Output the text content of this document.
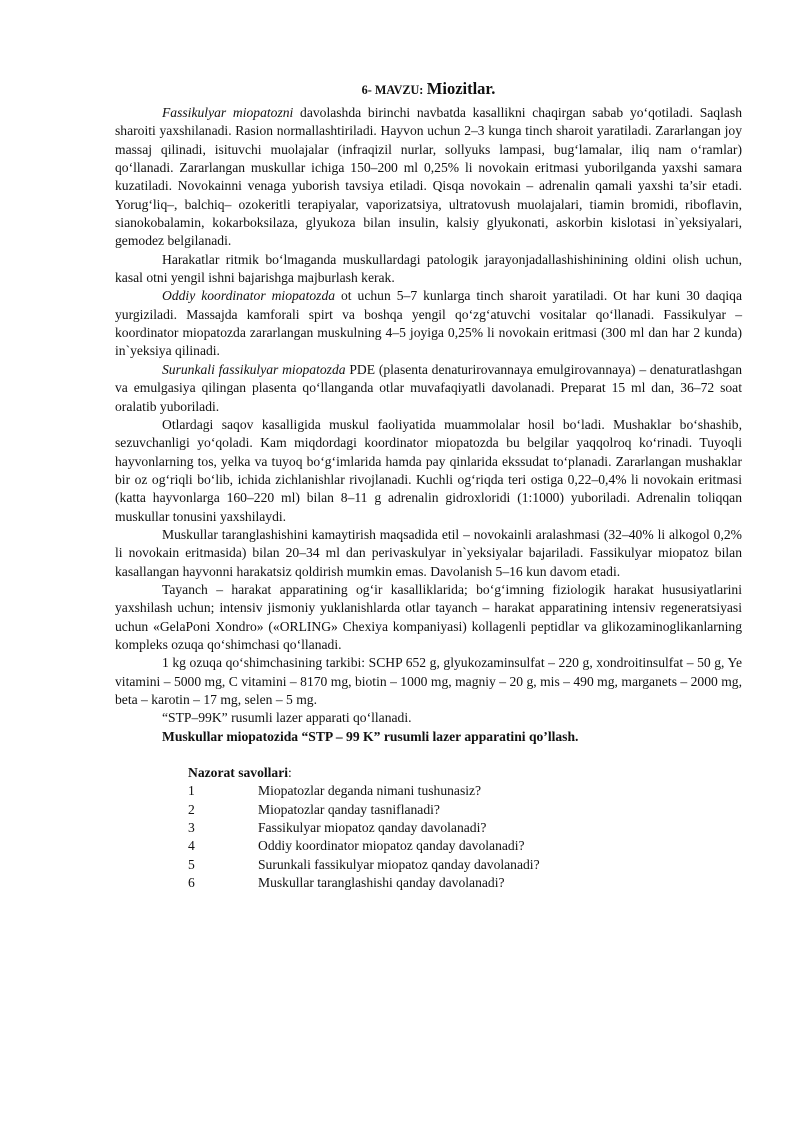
6- MAVZU: Miozitlar.

Fassikulyar miopatozni davolashda birinchi navbatda kasallikni chaqirgan sabab yo‘qotiladi. Saqlash sharoiti yaxshilanadi. Rasion normallashtiriladi. Hayvon uchun 2–3 kunga tinch sharoit yaratiladi. Zararlangan joy massaj qilinadi, isituvchi muolajalar (infraqizil nurlar, sollyuks lampasi, bug‘lamalar, iliq nam o‘ramlar) qo‘llanadi. Zararlangan muskullar ichiga 150–200 ml 0,25% li novokain eritmasi yuborilganda yaxshi samara kuzatiladi. Novokainni venaga yuborish tavsiya etiladi. Qisqa novokain – adrenalin qamali yaxshi ta’sir etadi. Yorug‘liq–, balchiq– ozokeritli terapiyalar, vaporizatsiya, ultratovush muolajalari, tiamin bromidi, riboflavin, sianokobalamin, kokarboksilaza, glyukoza bilan insulin, kalsiy glyukonati, askorbin kislotasi in`yeksiyalari, gemodez belgilanadi.

Harakatlar ritmik bo‘lmaganda muskullardagi patologik jarayonjadallashishinining oldini olish uchun, kasal otni yengil ishni bajarishga majburlash kerak.

Oddiy koordinator miopatozda ot uchun 5–7 kunlarga tinch sharoit yaratiladi. Ot har kuni 30 daqiqa yurgiziladi. Massajda kamforali spirt va boshqa yengil qo‘zg‘atuvchi vositalar qo‘llanadi. Fassikulyar – koordinator miopatozda zararlangan muskulning 4–5 joyiga 0,25% li novokain eritmasi (300 ml dan har 2 kunda) in`yeksiya qilinadi.

Surunkali fassikulyar miopatozda PDE (plasenta denaturirovannaya emulgirovannaya) – denaturatlashgan va emulgasiya qilingan plasenta qo‘llanganda otlar muvafaqiyatli davolanadi. Preparat 15 ml dan, 36–72 soat oralatib yuboriladi.

Otlardagi saqov kasalligida muskul faoliyatida muammolalar hosil bo‘ladi. Mushaklar bo‘shashib, sezuvchanligi yo‘qoladi. Kam miqdordagi koordinator miopatozda bu belgilar yaqqolroq ko‘rinadi. Tuyoqli hayvonlarning tos, yelka va tuyoq bo‘g‘imlarida hamda pay qinlarida ekssudat to‘planadi. Zararlangan mushaklar bir oz og‘riqli bo‘lib, ichida zichlanishlar rivojlanadi. Kuchli og‘riqda teri ostiga 0,22–0,4% li novokain eritmasi (katta hayvonlarga 160–220 ml) bilan 8–11 g adrenalin gidroxloridi (1:1000) yuboriladi. Adrenalin toliqqan muskullar tonusini yaxshilaydi.

Muskullar taranglashishini kamaytirish maqsadida etil – novokainli aralashmasi (32–40% li alkogol 0,2% li novokain eritmasida) bilan 20–34 ml dan perivaskulyar in`yeksiyalar bajariladi. Fassikulyar miopatoz bilan kasallangan hayvonni harakatsiz qoldirish mumkin emas. Davolanish 5–16 kun davom etadi.

Tayanch – harakat apparatining og‘ir kasalliklarida; bo‘g‘imning fiziologik harakat hususiyatlarini yaxshilash uchun; intensiv jismoniy yuklanishlarda otlar tayanch – harakat apparatining intensiv regeneratsiyasi uchun «GelaPoni Xondro» («ORLING» Chexiya kompaniyasi) kollagenli peptidlar va glikozaminoglikanlarning kompleks ozuqa qo‘shimchasi qo‘llanadi.

1 kg ozuqa qo‘shimchasining tarkibi: SCHP 652 g, glyukozaminsulfat – 220 g, xondroitinsulfat – 50 g, Ye vitamini – 5000 mg, C vitamini – 8170 mg, biotin – 1000 mg, magniy – 20 g, mis – 490 mg, marganets – 2000 mg, beta – karotin – 17 mg, selen – 5 mg.

“STP–99K” rusumli lazer apparati qo‘llanadi.

Muskullar miopatozida “STP – 99 K” rusumli lazer apparatini qo’llash.

Nazorat savollari:
1	Miopatozlar deganda nimani tushunasiz?
2	Miopatozlar qanday tasniflanadi?
3	Fassikulyar miopatoz qanday davolanadi?
4	Oddiy koordinator miopatoz qanday davolanadi?
5	Surunkali fassikulyar miopatoz qanday davolanadi?
6	Muskullar taranglashishi qanday davolanadi?
